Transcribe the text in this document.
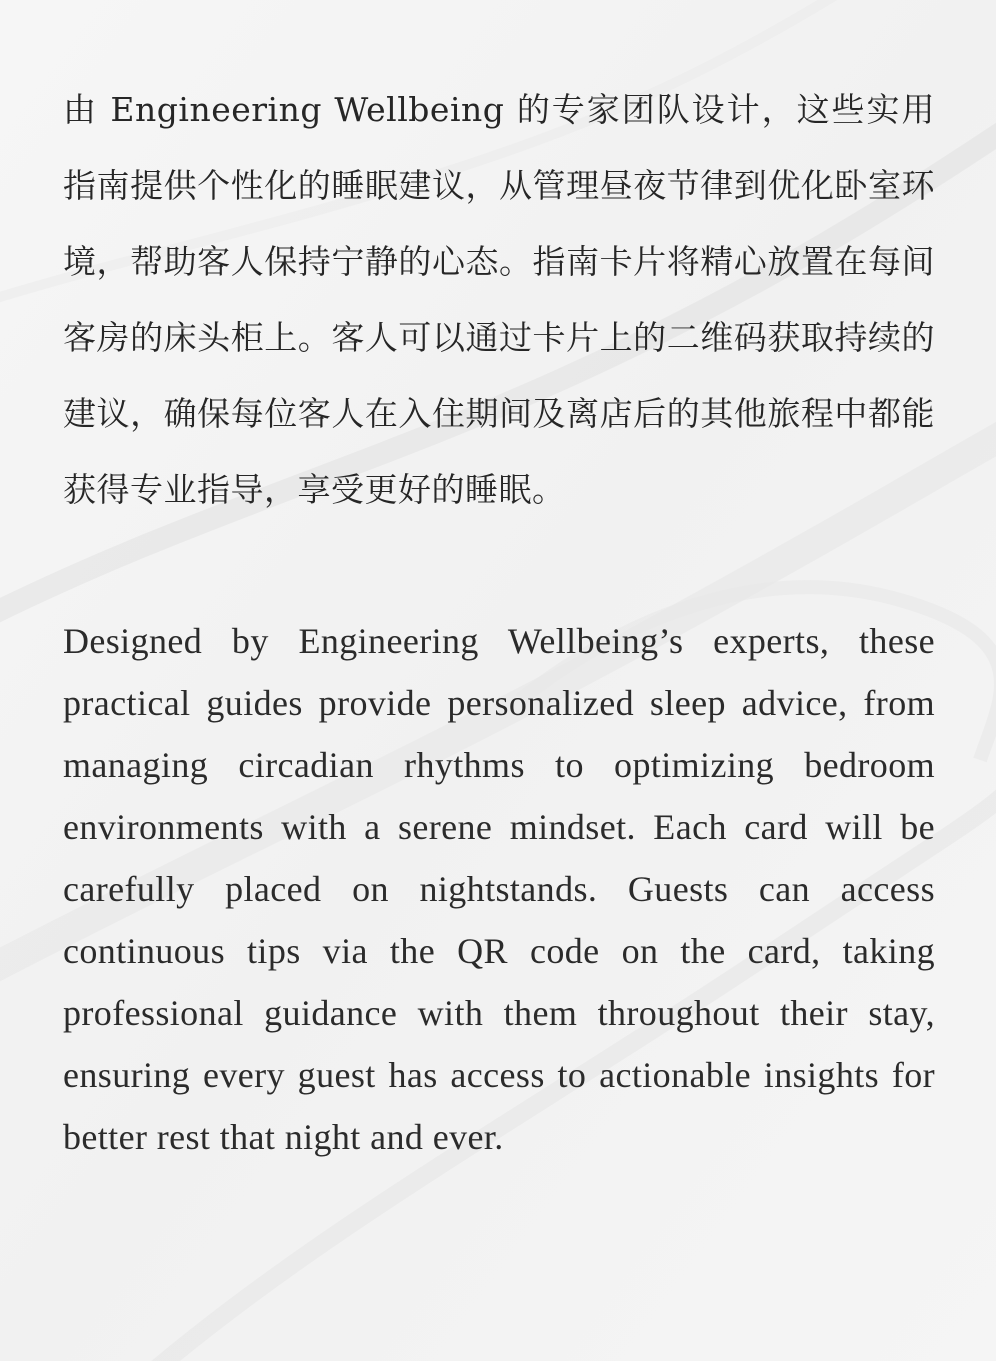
由 Engineering Wellbeing 的专家团队设计，这些实用指南提供个性化的睡眠建议，从管理昼夜节律到优化卧室环境，帮助客人保持宁静的心态。指南卡片将精心放置在每间客房的床头柜上。客人可以通过卡片上的二维码获取持续的建议，确保每位客人在入住期间及离店后的其他旅程中都能获得专业指导，享受更好的睡眠。

Designed by Engineering Wellbeing’s experts, these practical guides provide personalized sleep advice, from managing circadian rhythms to optimizing bedroom environments with a serene mindset. Each card will be carefully placed on nightstands. Guests can access continuous tips via the QR code on the card, taking professional guidance with them throughout their stay, ensuring every guest has access to actionable insights for better rest that night and ever.
